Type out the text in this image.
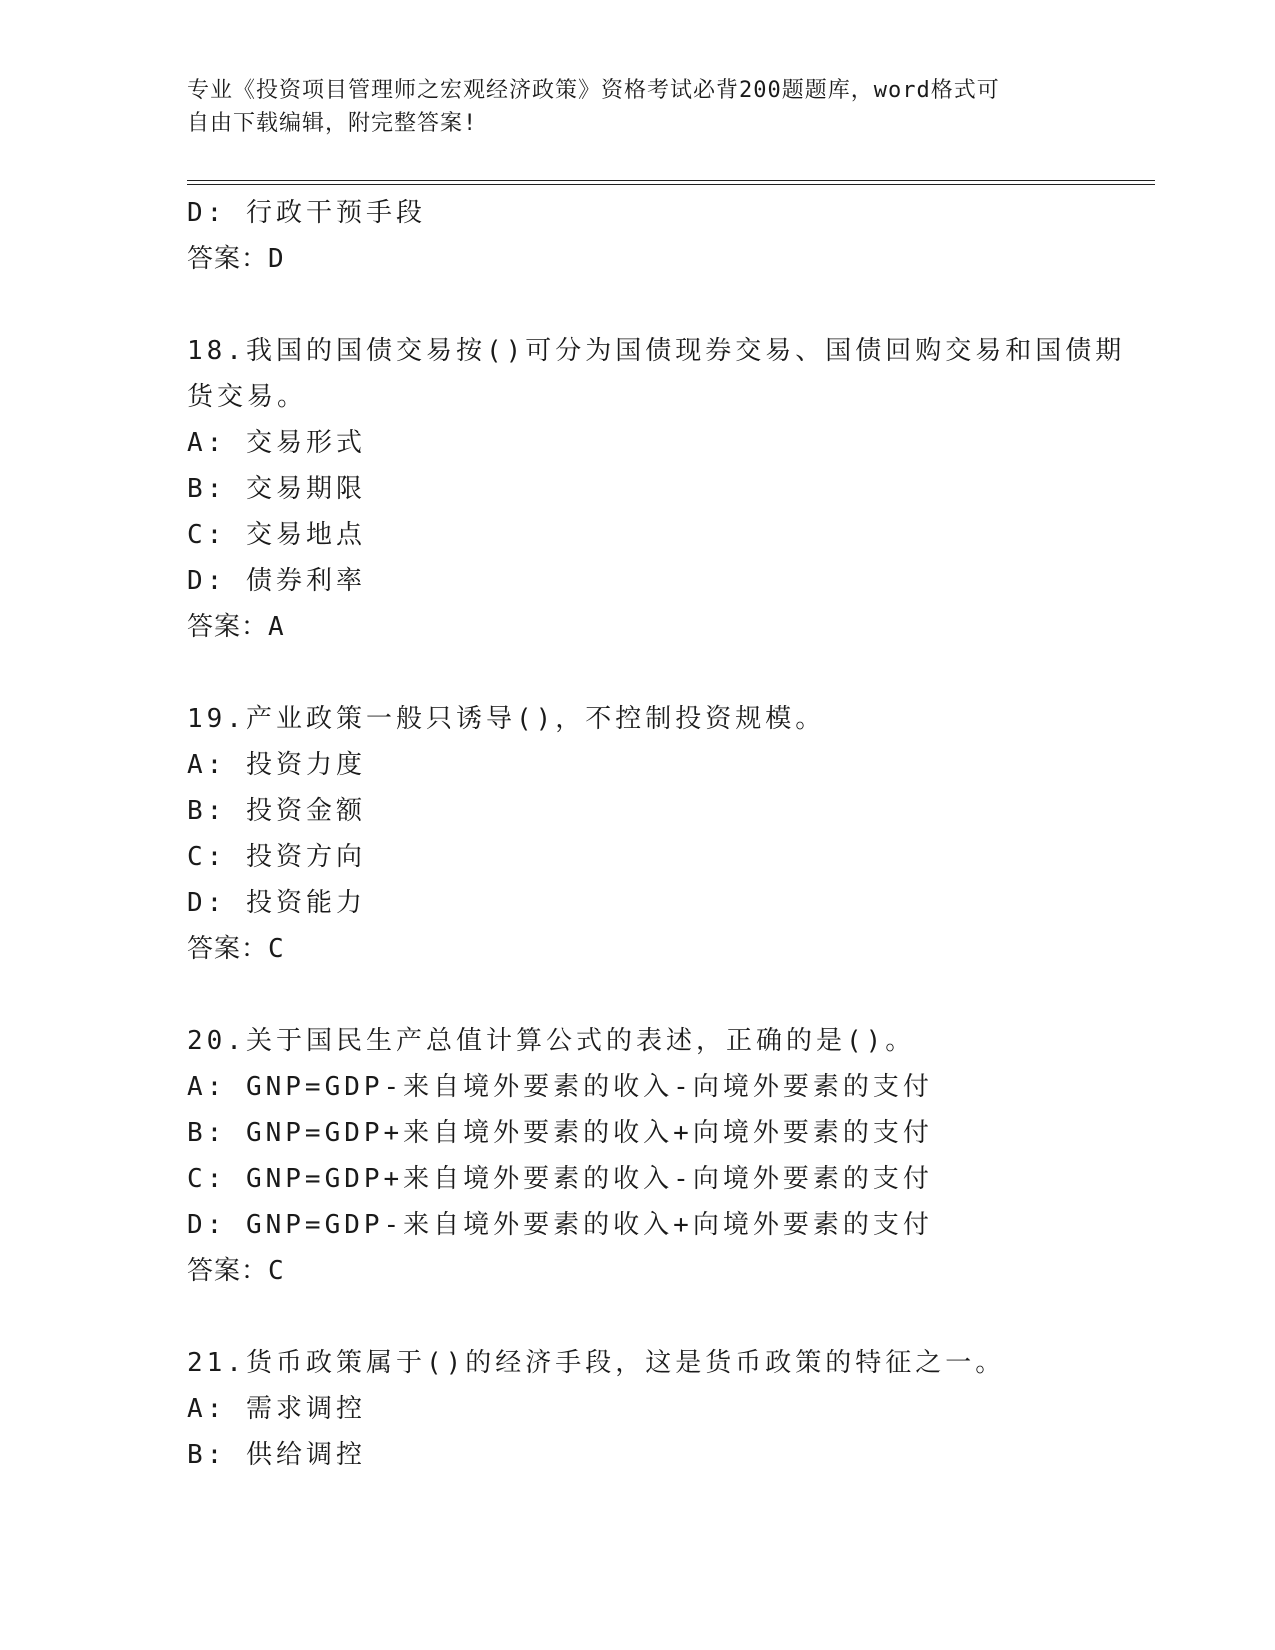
专业《投资项目管理师之宏观经济政策》资格考试必背200题题库，word格式可
自由下载编辑，附完整答案!
D: 行政干预手段
答案：D
18.我国的国债交易按()可分为国债现券交易、国债回购交易和国债期
货交易。
A: 交易形式
B: 交易期限
C: 交易地点
D: 债券利率
答案：A
19.产业政策一般只诱导()，不控制投资规模。
A: 投资力度
B: 投资金额
C: 投资方向
D: 投资能力
答案：C
20.关于国民生产总值计算公式的表述，正确的是()。
A: GNP=GDP-来自境外要素的收入-向境外要素的支付
B: GNP=GDP+来自境外要素的收入+向境外要素的支付
C: GNP=GDP+来自境外要素的收入-向境外要素的支付
D: GNP=GDP-来自境外要素的收入+向境外要素的支付
答案：C
21.货币政策属于()的经济手段，这是货币政策的特征之一。
A: 需求调控
B: 供给调控
